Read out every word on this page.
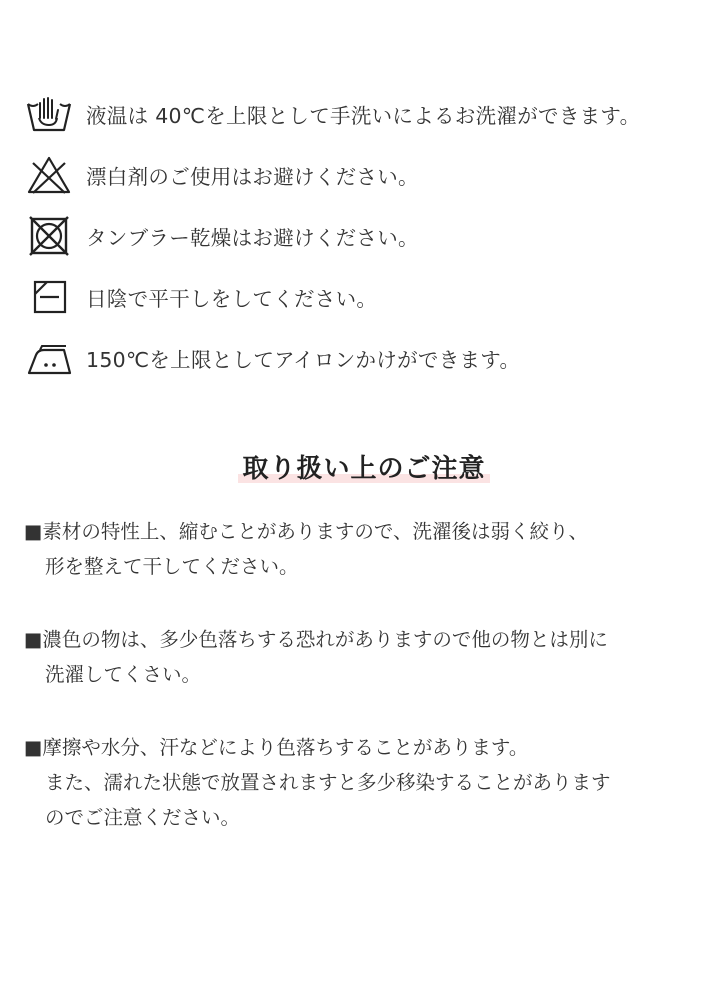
液温は 40℃を上限として手洗いによるお洗濯ができます。
漂白剤のご使用はお避けください。
タンブラー乾燥はお避けください。
日陰で平干しをしてください。
150℃を上限としてアイロンかけができます。
取り扱い上のご注意

■素材の特性上、縮むことがありますので、洗濯後は弱く絞り、

形を整えて干してください。

■濃色の物は、多少色落ちする恐れがありますので他の物とは別に

洗濯してくさい。

■摩擦や水分、汗などにより色落ちすることがあります。

また、濡れた状態で放置されますと多少移染することがあります

のでご注意ください。
